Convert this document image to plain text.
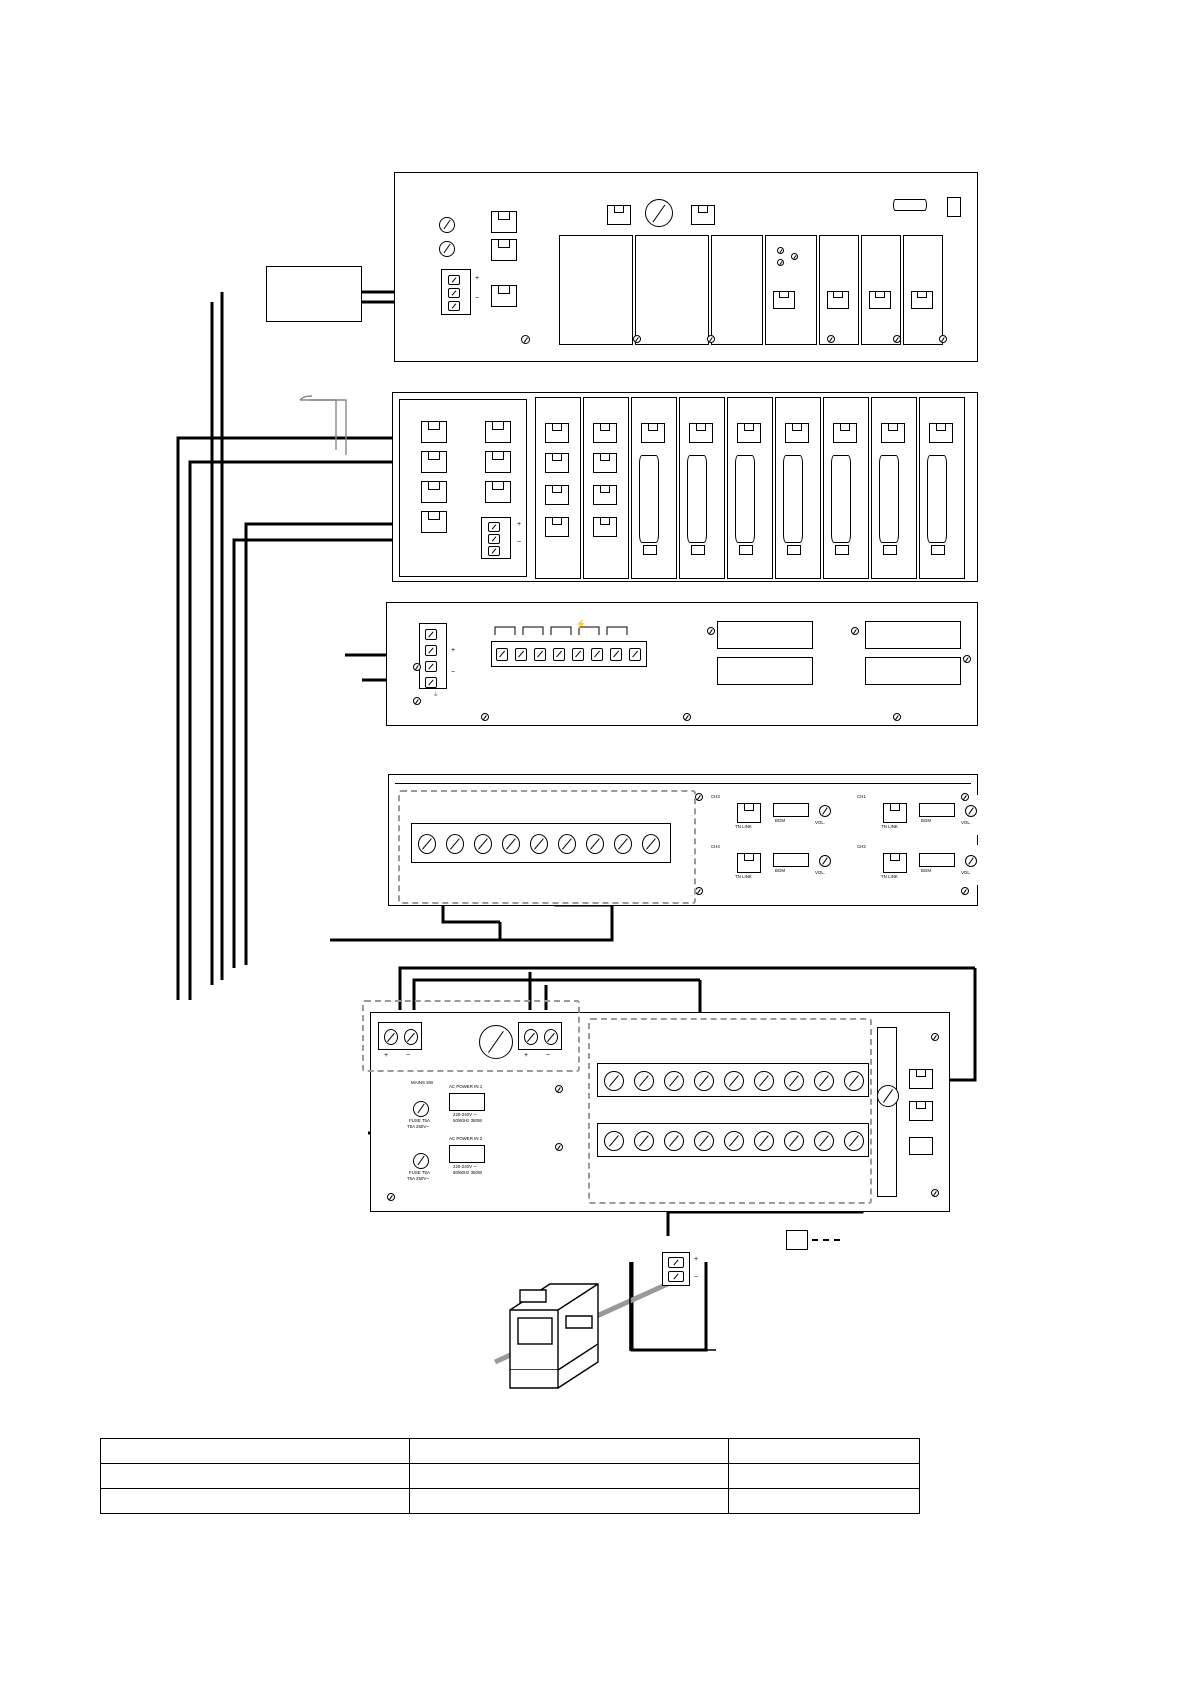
+
−
+
−
+
−
⏚
⚡
CH3
TN LINK
BGM	VOL.
CH1
TN LINK
BGM	VOL.
CH4
TN LINK
BGM	VOL.
CH2
TN LINK
BGM	VOL.
MAINS SW
AC POWER IN 1
220-240V ∼
50/60Hz 350W
FUSE T5A
T5A 250V~
AC POWER IN 2
220-240V ∼
50/60Hz 350W
FUSE T5A
T5A 250V~
+	−	+	−
+
−
